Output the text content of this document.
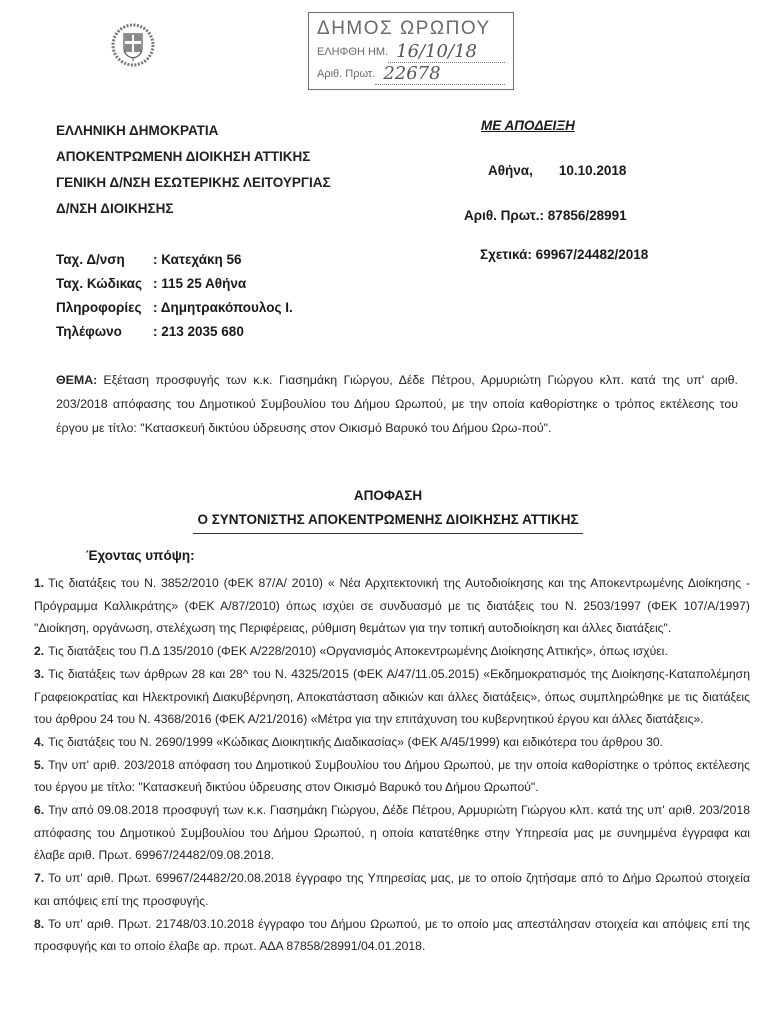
ΔΗΜΟΣ ΩΡΩΠΟΥ
ΕΛΗΦΘΗ ΗΜ. 16/10/18
Αριθ. Πρωτ. 22678
ΕΛΛΗΝΙΚΗ ΔΗΜΟΚΡΑΤΙΑ
ΑΠΟΚΕΝΤΡΩΜΕΝΗ ΔΙΟΙΚΗΣΗ ΑΤΤΙΚΗΣ
ΓΕΝΙΚΗ Δ/ΝΣΗ ΕΣΩΤΕΡΙΚΗΣ ΛΕΙΤΟΥΡΓΙΑΣ
Δ/ΝΣΗ ΔΙΟΙΚΗΣΗΣ
ΜΕ ΑΠΟΔΕΙΞΗ
Αθήνα, 10.10.2018
Αριθ. Πρωτ.: 87856/28991
Σχετικά: 69967/24482/2018
Ταχ. Δ/νση	: Κατεχάκη 56
Ταχ. Κώδικας : 115 25 Αθήνα
Πληροφορίες : Δημητρακόπουλος Ι.
Τηλέφωνο	: 213 2035 680
ΘΕΜΑ: Εξέταση προσφυγής των κ.κ. Γιασημάκη Γιώργου, Δέδε Πέτρου, Αρμυριώτη Γιώργου κλπ. κατά της υπ' αριθ. 203/2018 απόφασης του Δημοτικού Συμβουλίου του Δήμου Ωρωπού, με την οποία καθορίστηκε ο τρόπος εκτέλεσης του έργου με τίτλο: "Κατασκευή δικτύου ύδρευσης στον Οικισμό Βαρυκό του Δήμου Ωρω-πού".
ΑΠΟΦΑΣΗ
Ο ΣΥΝΤΟΝΙΣΤΗΣ ΑΠΟΚΕΝΤΡΩΜΕΝΗΣ ΔΙΟΙΚΗΣΗΣ ΑΤΤΙΚΗΣ
Έχοντας υπόψη:
1. Τις διατάξεις του Ν. 3852/2010 (ΦΕΚ 87/Α/ 2010) « Νέα Αρχιτεκτονική της Αυτοδιοίκησης και της Αποκεντρωμένης Διοίκησης - Πρόγραμμα Καλλικράτης» (ΦΕΚ Α/87/2010) όπως ισχύει σε συνδυασμό με τις διατάξεις του Ν. 2503/1997 (ΦΕΚ 107/Α/1997) "Διοίκηση, οργάνωση, στελέχωση της Περιφέρειας, ρύθμιση θεμάτων για την τοπική αυτοδιοίκηση και άλλες διατάξεις".
2. Τις διατάξεις του Π.Δ 135/2010 (ΦΕΚ Α/228/2010) «Οργανισμός Αποκεντρωμένης Διοίκησης Αττικής», όπως ισχύει.
3. Τις διατάξεις των άρθρων 28 και 28^ του Ν. 4325/2015 (ΦΕΚ Α/47/11.05.2015) «Εκδημοκρατισμός της Διοίκησης-Καταπολέμηση Γραφειοκρατίας και Ηλεκτρονική Διακυβέρνηση, Αποκατάσταση αδικιών και άλλες διατάξεις», όπως συμπληρώθηκε με τις διατάξεις του άρθρου 24 του Ν. 4368/2016 (ΦΕΚ Α/21/2016) «Μέτρα για την επιτάχυνση του κυβερνητικού έργου και άλλες διατάξεις».
4. Τις διατάξεις του Ν. 2690/1999 «Κώδικας Διοικητικής Διαδικασίας» (ΦΕΚ Α/45/1999) και ειδικότερα του άρθρου 30.
5. Την υπ' αριθ. 203/2018 απόφαση του Δημοτικού Συμβουλίου του Δήμου Ωρωπού, με την οποία καθορίστηκε ο τρόπος εκτέλεσης του έργου με τίτλο: "Κατασκευή δικτύου ύδρευσης στον Οικισμό Βαρυκό του Δήμου Ωρωπού".
6. Την από 09.08.2018 προσφυγή των κ.κ. Γιασημάκη Γιώργου, Δέδε Πέτρου, Αρμυριώτη Γιώργου κλπ. κατά της υπ' αριθ. 203/2018 απόφασης του Δημοτικού Συμβουλίου του Δήμου Ωρωπού, η οποία κατατέθηκε στην Υπηρεσία μας με συνημμένα έγγραφα και έλαβε αριθ. Πρωτ. 69967/24482/09.08.2018.
7. Το υπ' αριθ. Πρωτ. 69967/24482/20.08.2018 έγγραφο της Υπηρεσίας μας, με το οποίο ζητήσαμε από το Δήμο Ωρωπού στοιχεία και απόψεις επί της προσφυγής.
8. Το υπ' αριθ. Πρωτ. 21748/03.10.2018 έγγραφο του Δήμου Ωρωπού, με το οποίο μας απεστάλησαν στοιχεία και απόψεις επί της προσφυγής και το οποίο έλαβε αρ. πρωτ. ΑΔΑ 87858/28991/04.01.2018.
